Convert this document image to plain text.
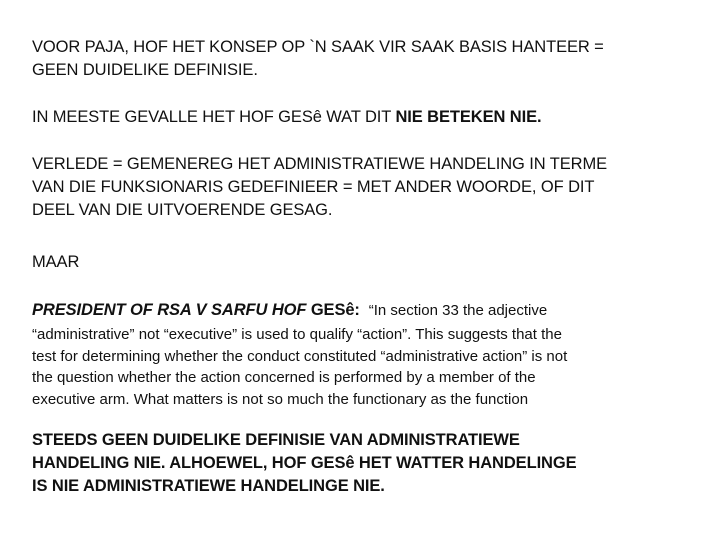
VOOR PAJA, HOF HET KONSEP OP `N SAAK VIR SAAK BASIS HANTEER =
GEEN DUIDELIKE DEFINISIE.

IN MEESTE GEVALLE HET HOF GESê WAT DIT NIE BETEKEN NIE.

VERLEDE = GEMENEREG HET ADMINISTRATIEWE HANDELING IN TERME
VAN DIE FUNKSIONARIS GEDEFINIEER = MET ANDER WOORDE, OF DIT
DEEL VAN DIE UITVOERENDE GESAG.

MAAR

PRESIDENT OF RSA V SARFU HOF GESê: “In section 33 the adjective
“administrative” not “executive” is used to qualify “action”. This suggests that the
test for determining whether the conduct constituted “administrative action” is not
the question whether the action concerned is performed by a member of the
executive arm. What matters is not so much the functionary as the function

STEEDS GEEN DUIDELIKE DEFINISIE VAN ADMINISTRATIEWE
HANDELING NIE. ALHOEWEL, HOF GESê HET WATTER HANDELINGE
IS NIE ADMINISTRATIEWE HANDELINGE NIE.
